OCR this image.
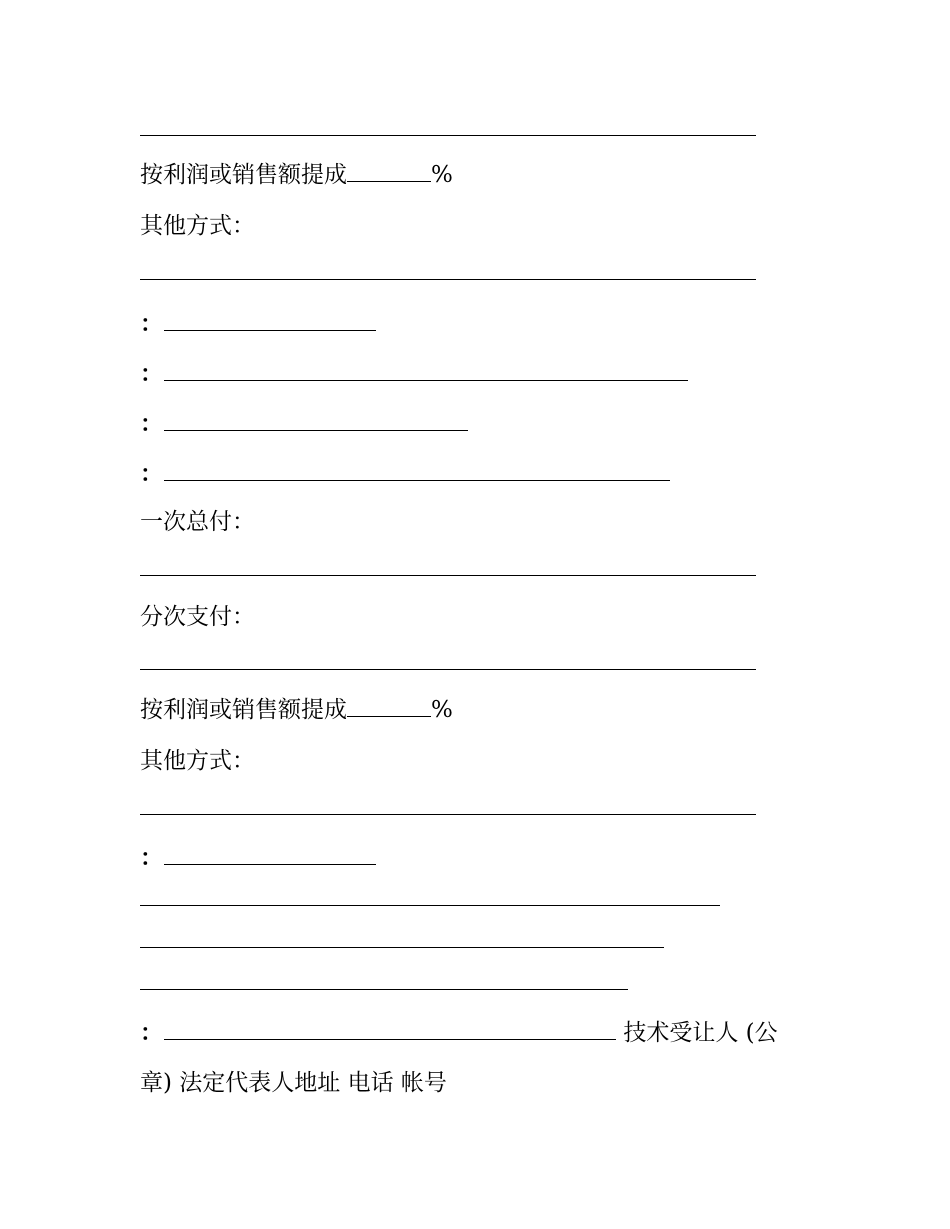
按利润或销售额提成	%
其他方式：
：
：
：
：
一次总付：
分次支付：
按利润或销售额提成	%
其他方式：
：
：	技术受让人 (公
章) 法定代表人地址 电话 帐号
